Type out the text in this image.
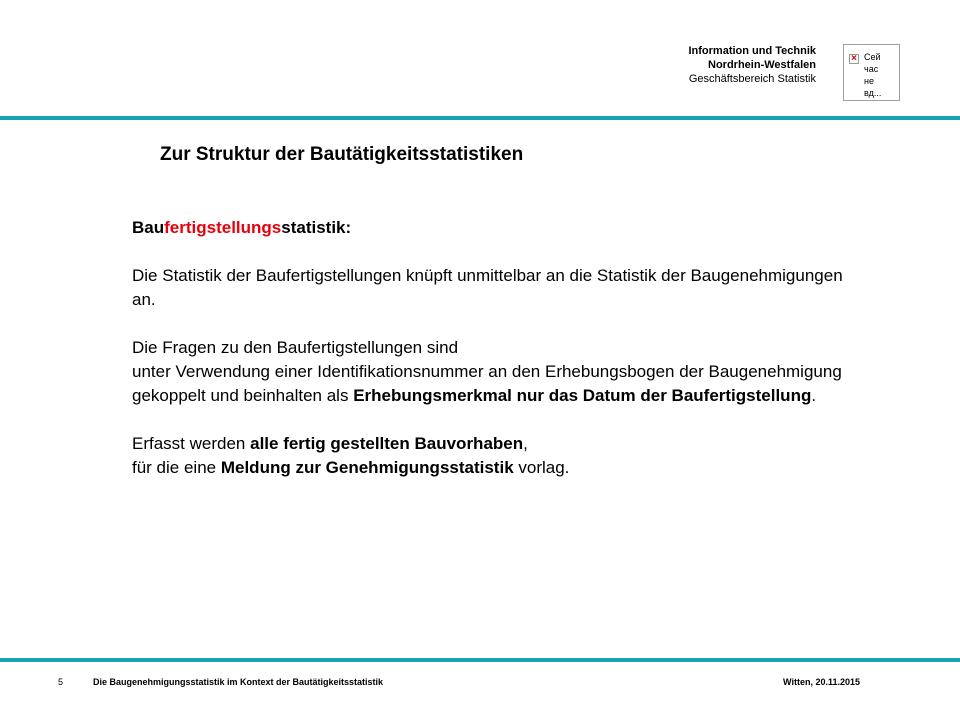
Information und Technik
Nordrhein-Westfalen
Geschäftsbereich Statistik
× Сей
час
не
вд...
Zur Struktur der Bautätigkeitsstatistiken

Baufertigstellungsstatistik:

Die Statistik der Baufertigstellungen knüpft unmittelbar an die Statistik der Baugenehmigungen an.

Die Fragen zu den Baufertigstellungen sind
unter Verwendung einer Identifikationsnummer an den Erhebungsbogen der Baugenehmigung gekoppelt und beinhalten als Erhebungsmerkmal nur das Datum der Baufertigstellung.

Erfasst werden alle fertig gestellten Bauvorhaben,
für die eine Meldung zur Genehmigungsstatistik vorlag.

5	Die Baugenehmigungsstatistik im Kontext der Bautätigkeitsstatistik	Witten, 20.11.2015
